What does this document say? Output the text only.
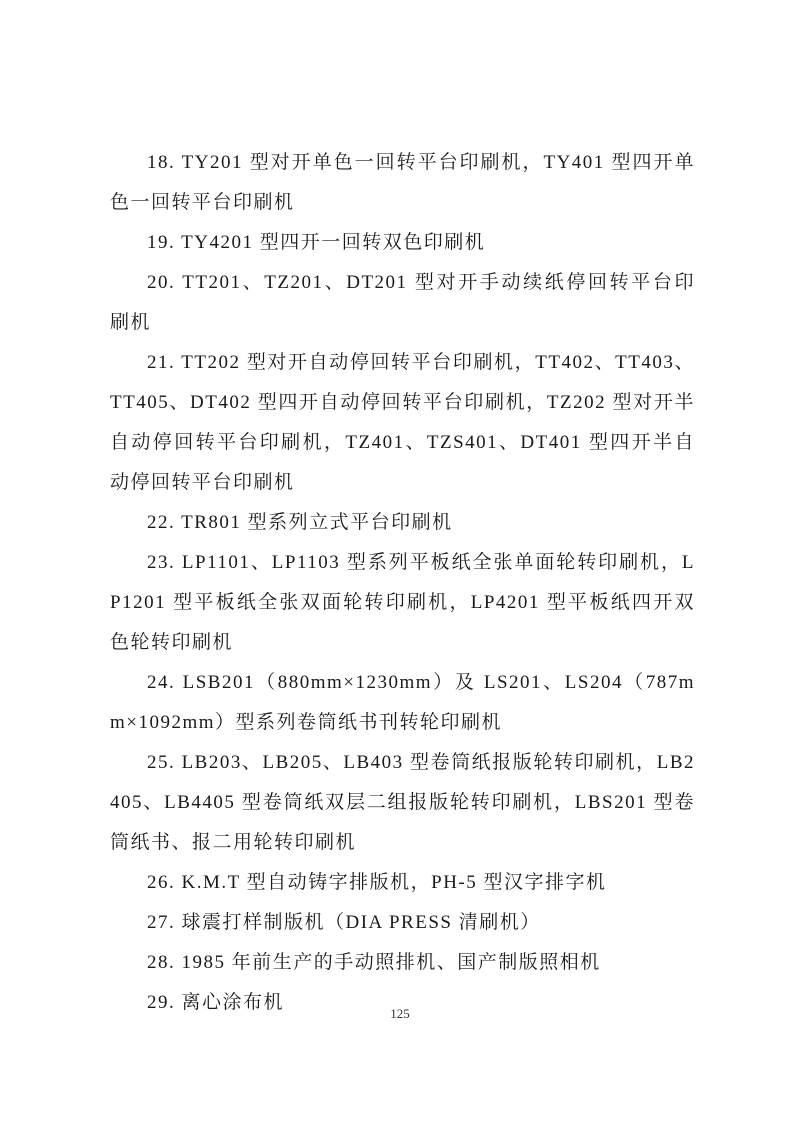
18. TY201 型对开单色一回转平台印刷机，TY401 型四开单色一回转平台印刷机

19. TY4201 型四开一回转双色印刷机

20. TT201、TZ201、DT201 型对开手动续纸停回转平台印刷机

21. TT202 型对开自动停回转平台印刷机，TT402、TT403、TT405、DT402 型四开自动停回转平台印刷机，TZ202 型对开半自动停回转平台印刷机，TZ401、TZS401、DT401 型四开半自动停回转平台印刷机

22. TR801 型系列立式平台印刷机

23. LP1101、LP1103 型系列平板纸全张单面轮转印刷机，LP1201 型平板纸全张双面轮转印刷机，LP4201 型平板纸四开双色轮转印刷机

24. LSB201（880mm×1230mm）及 LS201、LS204（787mm×1092mm）型系列卷筒纸书刊转轮印刷机

25. LB203、LB205、LB403 型卷筒纸报版轮转印刷机，LB2405、LB4405 型卷筒纸双层二组报版轮转印刷机，LBS201 型卷筒纸书、报二用轮转印刷机

26. K.M.T 型自动铸字排版机，PH-5 型汉字排字机

27. 球震打样制版机（DIA PRESS 清刷机）

28. 1985 年前生产的手动照排机、国产制版照相机

29. 离心涂布机

125
